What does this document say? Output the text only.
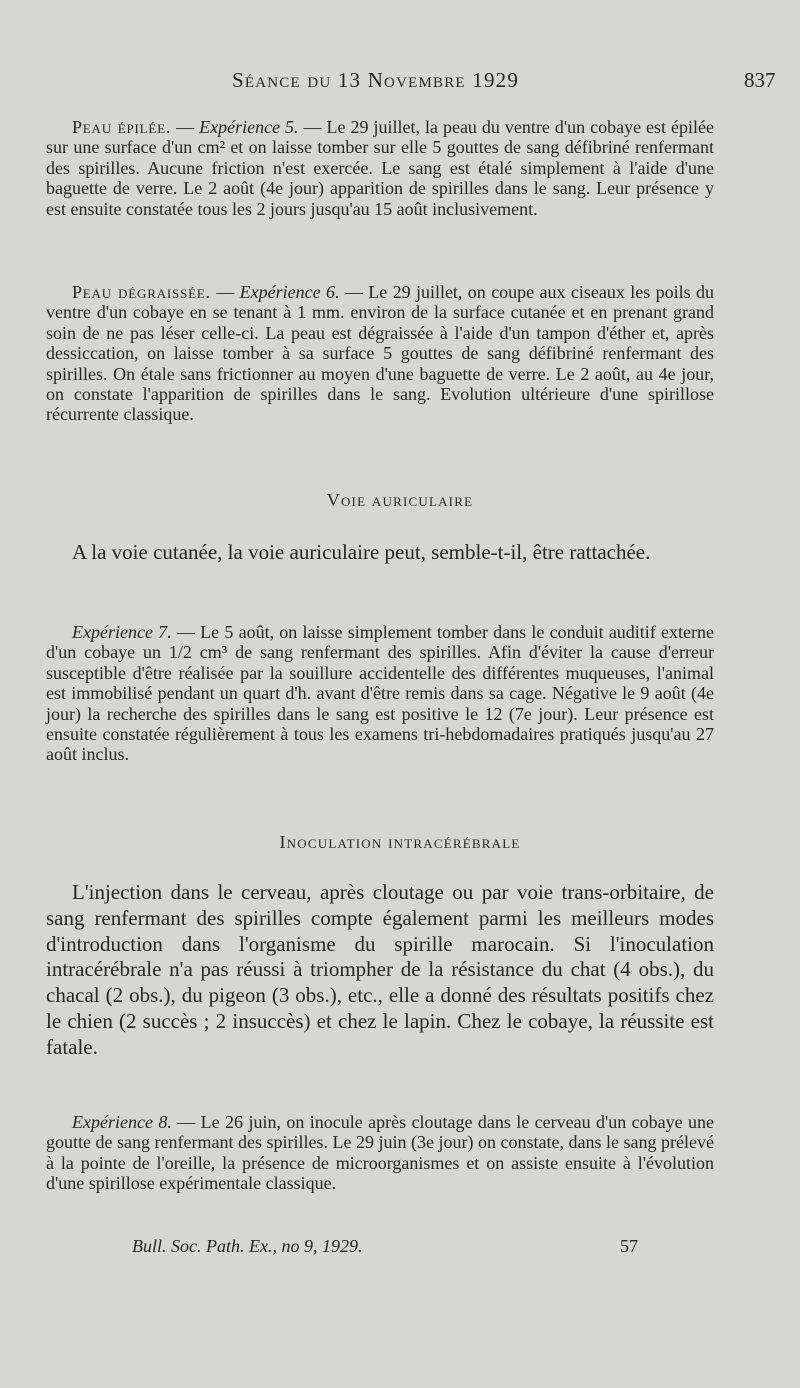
Séance du 13 Novembre 1929	837

Peau épilée. — Expérience 5. — Le 29 juillet, la peau du ventre d'un cobaye est épilée sur une surface d'un cm² et on laisse tomber sur elle 5 gouttes de sang défibriné renfermant des spirilles. Aucune friction n'est exercée. Le sang est étalé simplement à l'aide d'une baguette de verre. Le 2 août (4e jour) apparition de spirilles dans le sang. Leur présence y est ensuite constatée tous les 2 jours jusqu'au 15 août inclusivement.

Peau dégraissée. — Expérience 6. — Le 29 juillet, on coupe aux ciseaux les poils du ventre d'un cobaye en se tenant à 1 mm. environ de la surface cutanée et en prenant grand soin de ne pas léser celle-ci. La peau est dégraissée à l'aide d'un tampon d'éther et, après dessiccation, on laisse tomber à sa surface 5 gouttes de sang défibriné renfermant des spirilles. On étale sans frictionner au moyen d'une baguette de verre. Le 2 août, au 4e jour, on constate l'apparition de spirilles dans le sang. Evolution ultérieure d'une spirillose récurrente classique.

Voie auriculaire

A la voie cutanée, la voie auriculaire peut, semble-t-il, être rattachée.

Expérience 7. — Le 5 août, on laisse simplement tomber dans le conduit auditif externe d'un cobaye un 1/2 cm³ de sang renfermant des spirilles. Afin d'éviter la cause d'erreur susceptible d'être réalisée par la souillure accidentelle des différentes muqueuses, l'animal est immobilisé pendant un quart d'h. avant d'être remis dans sa cage. Négative le 9 août (4e jour) la recherche des spirilles dans le sang est positive le 12 (7e jour). Leur présence est ensuite constatée régulièrement à tous les examens tri-hebdomadaires pratiqués jusqu'au 27 août inclus.

Inoculation intracérébrale

L'injection dans le cerveau, après cloutage ou par voie trans-orbitaire, de sang renfermant des spirilles compte également parmi les meilleurs modes d'introduction dans l'organisme du spirille marocain. Si l'inoculation intracérébrale n'a pas réussi à triompher de la résistance du chat (4 obs.), du chacal (2 obs.), du pigeon (3 obs.), etc., elle a donné des résultats positifs chez le chien (2 succès ; 2 insuccès) et chez le lapin. Chez le cobaye, la réussite est fatale.

Expérience 8. — Le 26 juin, on inocule après cloutage dans le cerveau d'un cobaye une goutte de sang renfermant des spirilles. Le 29 juin (3e jour) on constate, dans le sang prélevé à la pointe de l'oreille, la présence de microorganismes et on assiste ensuite à l'évolution d'une spirillose expérimentale classique.

Bull. Soc. Path. Ex., no 9, 1929.	57
